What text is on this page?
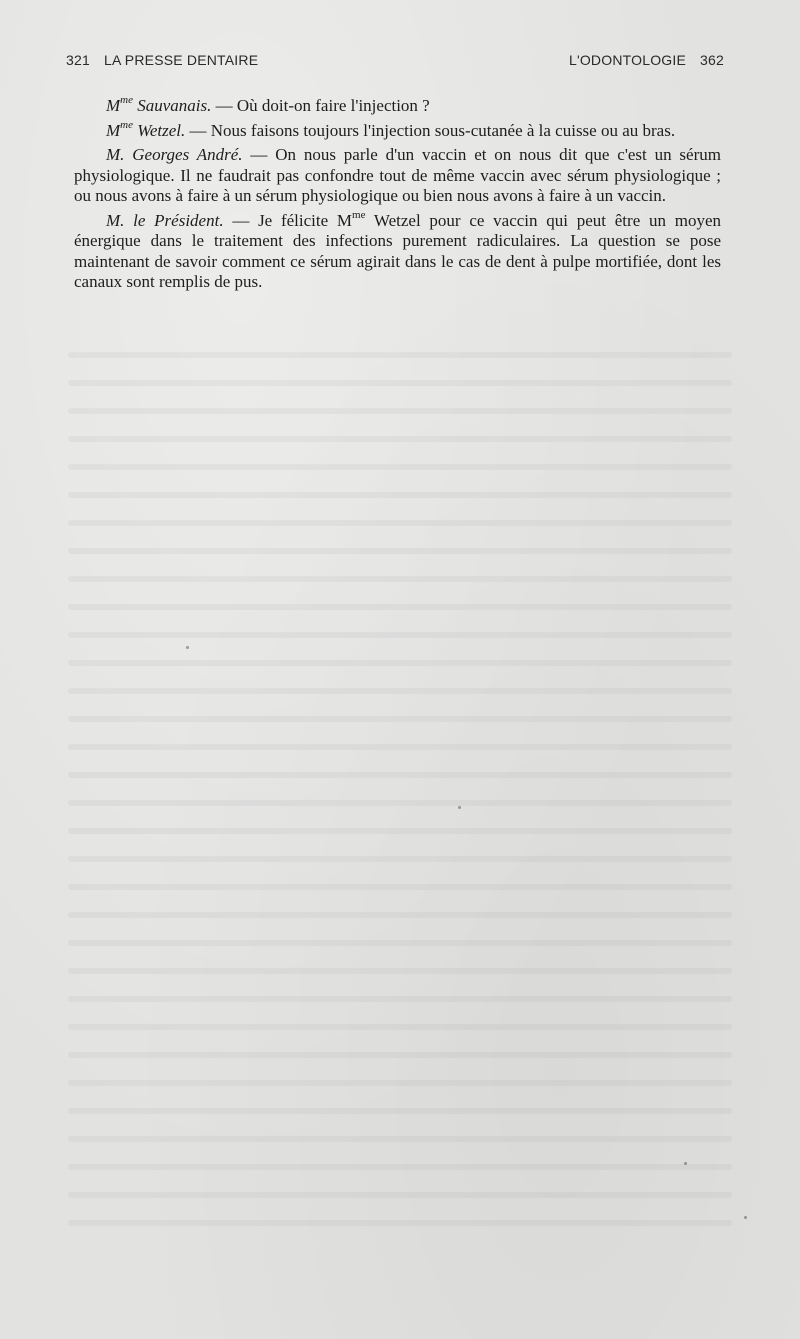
321 LA PRESSE DENTAIRE	L'ODONTOLOGIE 362

$M^{me}$ Sauvanais. — Où doit-on faire l'injection ?

$M^{me}$ Wetzel. — Nous faisons toujours l'injection sous-cutanée à la cuisse ou au bras.

M. Georges André. — On nous parle d'un vaccin et on nous dit que c'est un sérum physiologique. Il ne faudrait pas confondre tout de même vaccin avec sérum physiologique ; ou nous avons à faire à un sérum physiologique ou bien nous avons à faire à un vaccin.

M. le Président. — Je félicite $M^{me}$ Wetzel pour ce vaccin qui peut être un moyen énergique dans le traitement des infections purement radiculaires. La question se pose maintenant de savoir comment ce sérum agirait dans le cas de dent à pulpe mortifiée, dont les canaux sont remplis de pus.
